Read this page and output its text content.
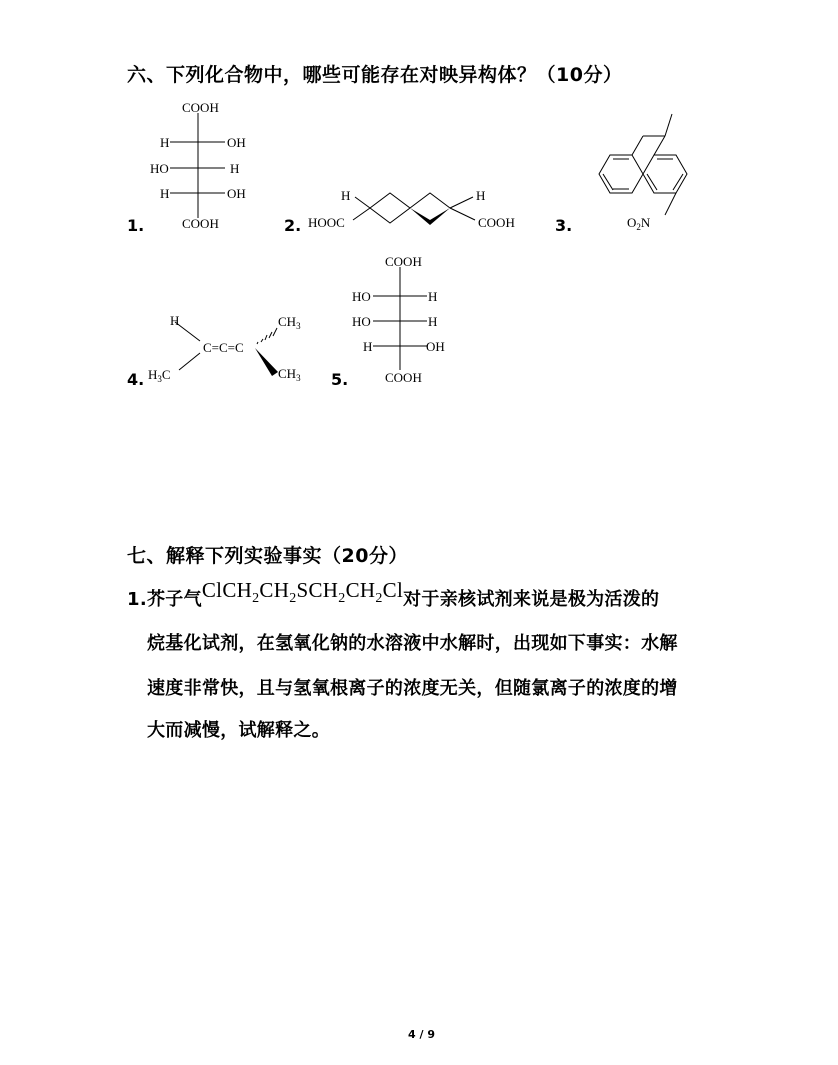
六、下列化合物中，哪些可能存在对映异构体？（10分）
1.
COOH
H	OH
HO	H
H	OH
COOH	2.
H
HOOC
H
COOH	3.	$O_2N$
4.
H
C=C=C
$H_3C$
$CH_3$
$CH_3$ 5.
COOH
HO	H
HO	H
H	OH
COOH
七、解释下列实验事实（20分）
1.芥子气$ClCH_2CH_2SCH_2CH_2Cl$对于亲核试剂来说是极为活泼的
烷基化试剂，在氢氧化钠的水溶液中水解时，出现如下事实：水解
速度非常快，且与氢氧根离子的浓度无关，但随氯离子的浓度的增
大而减慢，试解释之。
4 / 9
